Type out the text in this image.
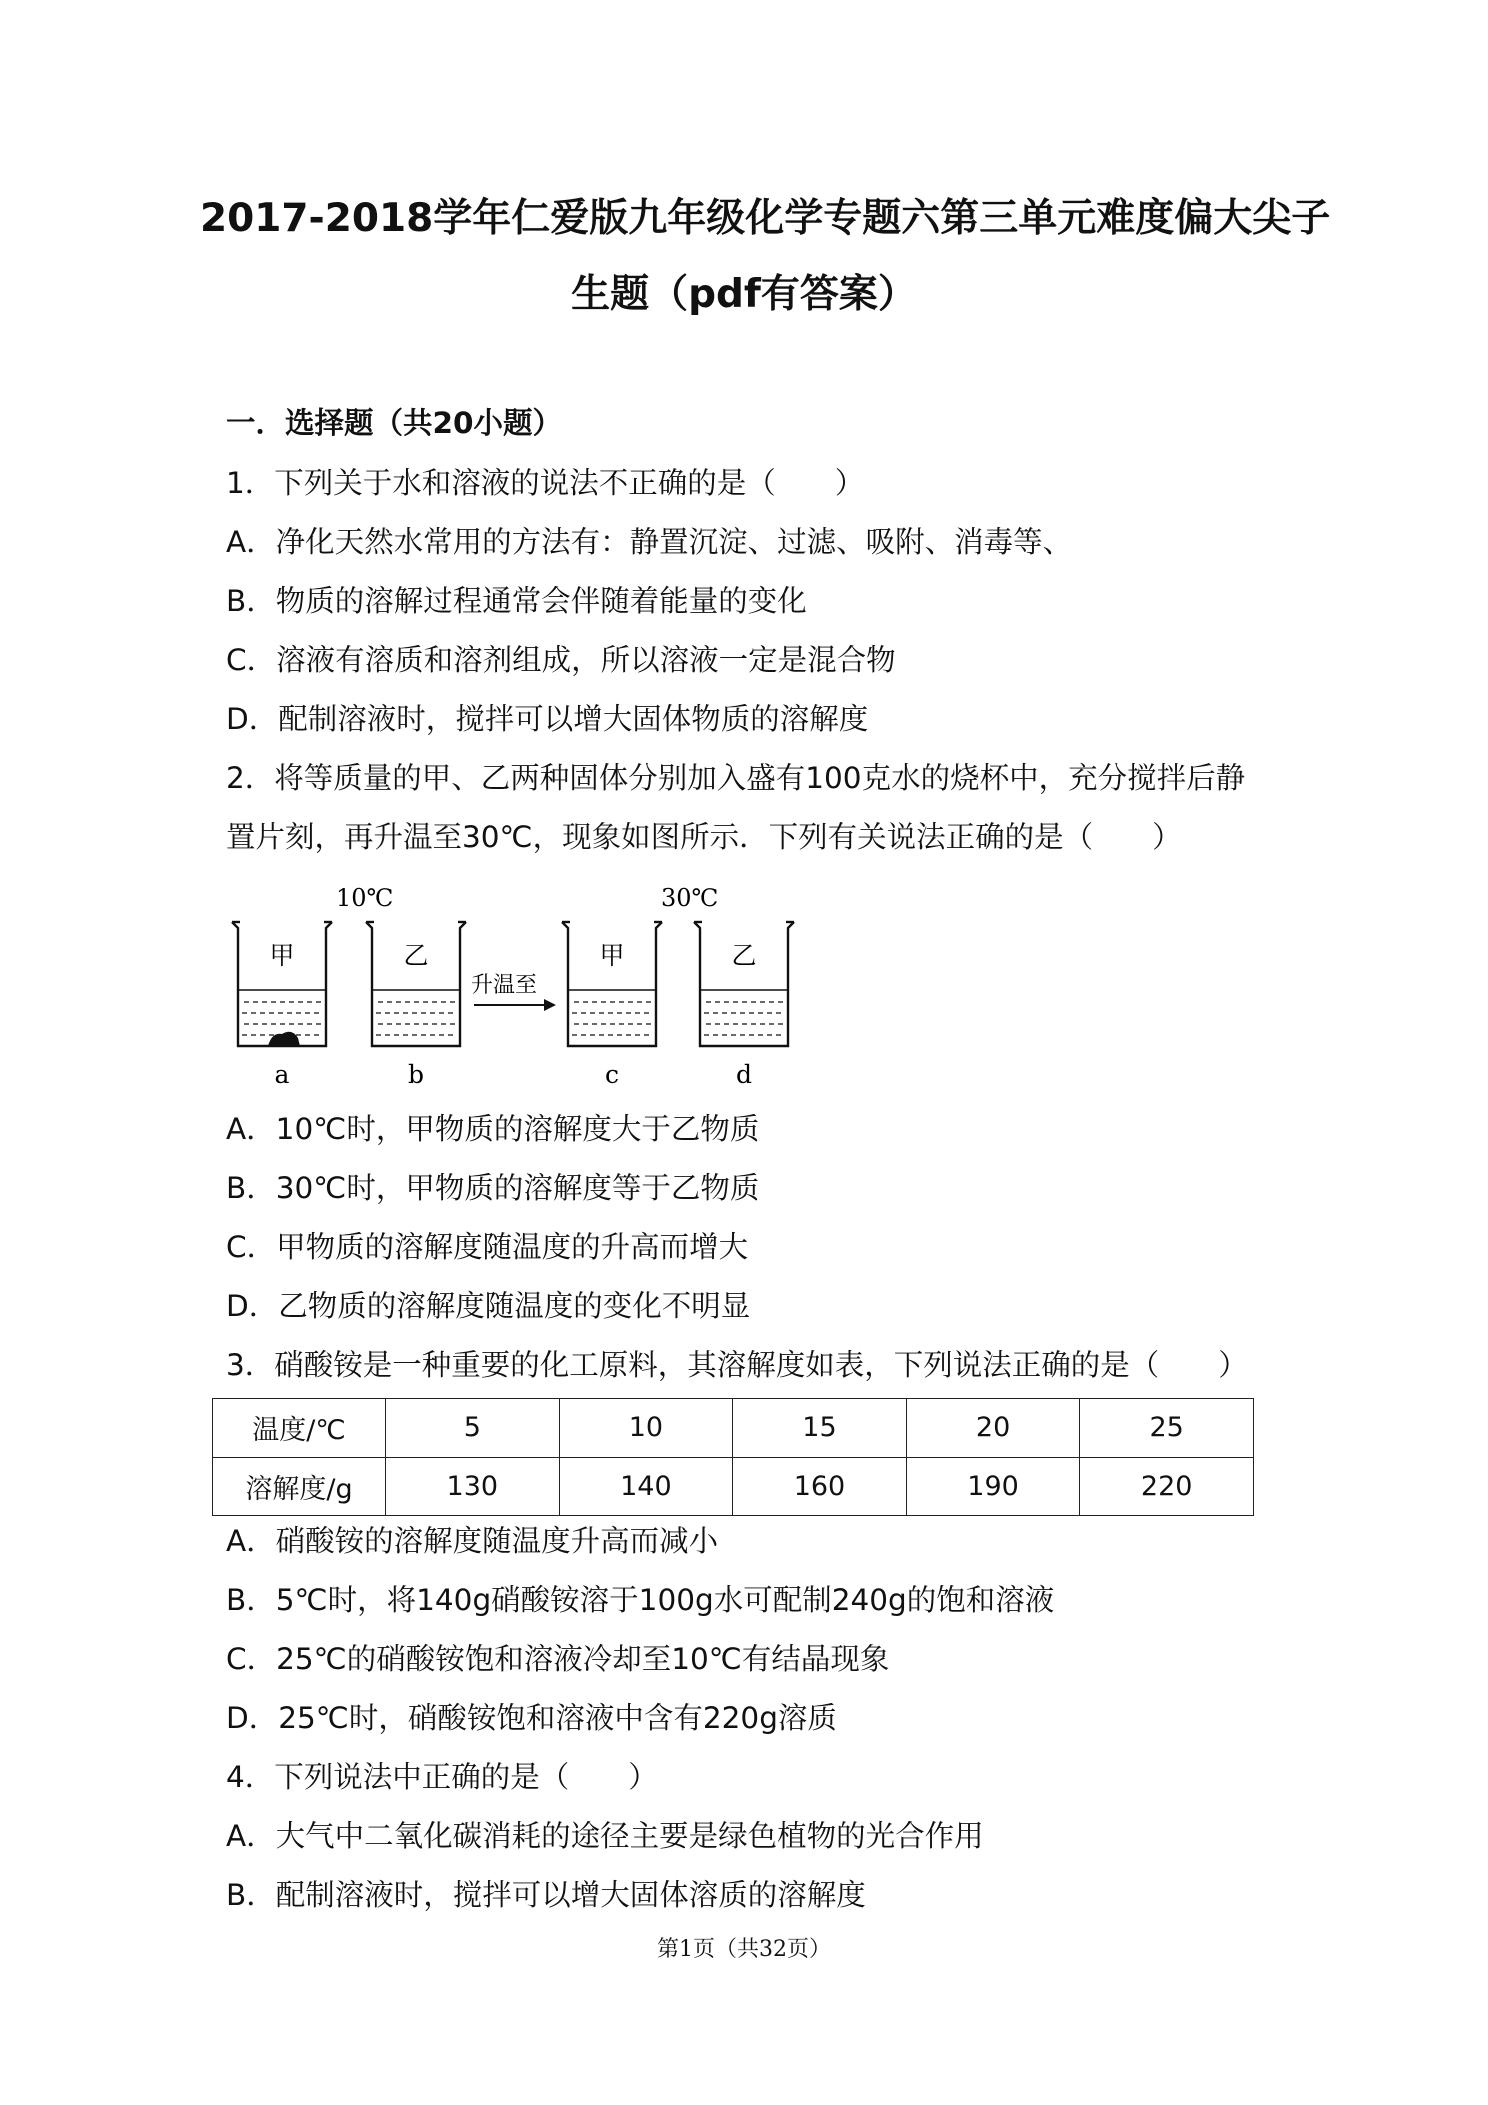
2017-2018学年仁爱版九年级化学专题六第三单元难度偏大尖子
生题（pdf有答案）
一．选择题（共20小题）
1．下列关于水和溶液的说法不正确的是（　　）
A．净化天然水常用的方法有：静置沉淀、过滤、吸附、消毒等、
B．物质的溶解过程通常会伴随着能量的变化
C．溶液有溶质和溶剂组成，所以溶液一定是混合物
D．配制溶液时，搅拌可以增大固体物质的溶解度
2．将等质量的甲、乙两种固体分别加入盛有100克水的烧杯中，充分搅拌后静
置片刻，再升温至30℃，现象如图所示．下列有关说法正确的是（　　）
10℃	30℃
甲
a
乙
b
升温至
甲
c
乙
d
A．10℃时，甲物质的溶解度大于乙物质
B．30℃时，甲物质的溶解度等于乙物质
C．甲物质的溶解度随温度的升高而增大
D．乙物质的溶解度随温度的变化不明显
3．硝酸铵是一种重要的化工原料，其溶解度如表，下列说法正确的是（　　）
温度/℃	5	10	15	20	25
溶解度/g	130	140	160	190	220
A．硝酸铵的溶解度随温度升高而减小
B．5℃时，将140g硝酸铵溶于100g水可配制240g的饱和溶液
C．25℃的硝酸铵饱和溶液冷却至10℃有结晶现象
D．25℃时，硝酸铵饱和溶液中含有220g溶质
4．下列说法中正确的是（　　）
A．大气中二氧化碳消耗的途径主要是绿色植物的光合作用
B．配制溶液时，搅拌可以增大固体溶质的溶解度
第1页（共32页）
